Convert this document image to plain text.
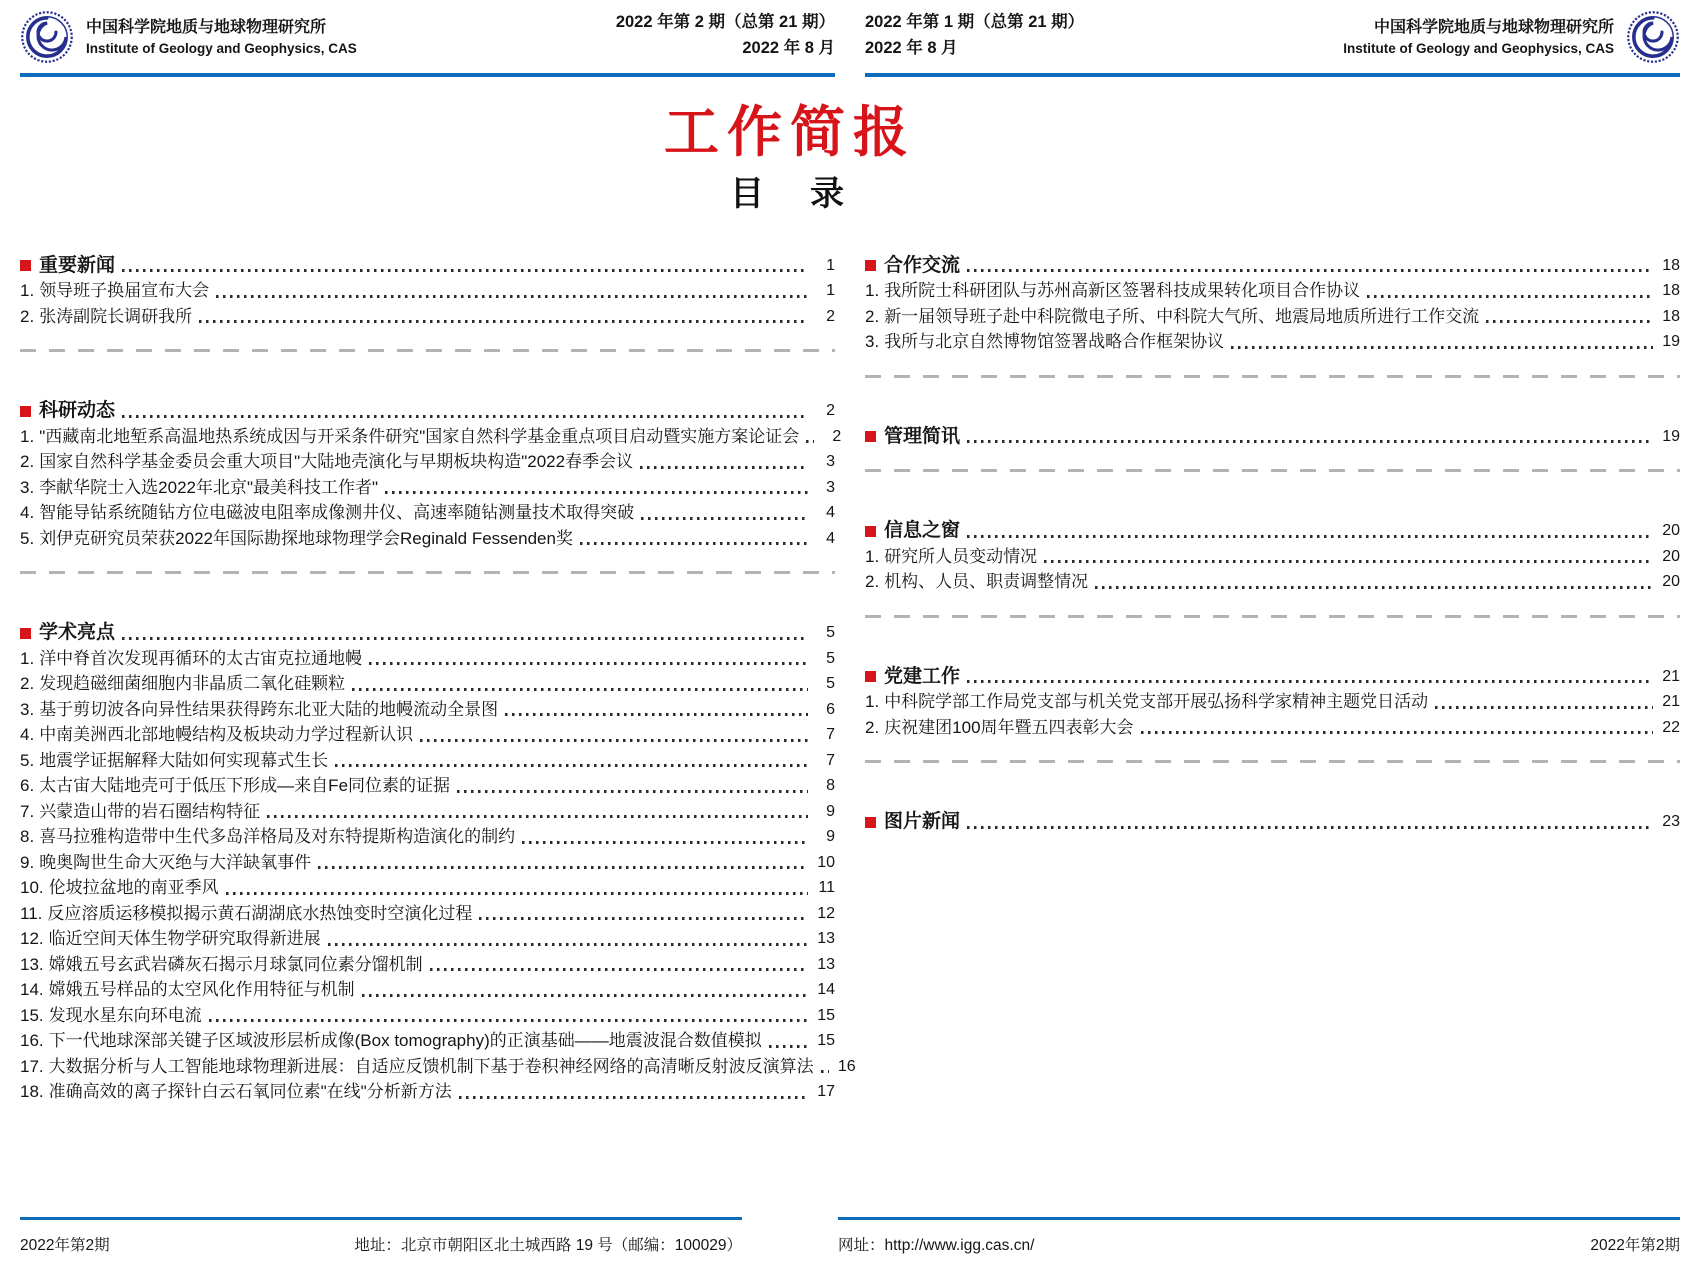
中国科学院地质与地球物理研究所
Institute of Geology and Geophysics, CAS
2022 年第 2 期（总第 21 期）
2022 年 8 月
2022 年第 1 期（总第 21 期）
2022 年 8 月
中国科学院地质与地球物理研究所
Institute of Geology and Geophysics, CAS
工作简报
目　录
重要新闻	1
1. 领导班子换届宣布大会	1
2. 张涛副院长调研我所	2
科研动态	2
1. "西藏南北地堑系高温地热系统成因与开采条件研究"国家自然科学基金重点项目启动暨实施方案论证会	2
2. 国家自然科学基金委员会重大项目"大陆地壳演化与早期板块构造"2022春季会议	3
3. 李献华院士入选2022年北京"最美科技工作者"	3
4. 智能导钻系统随钻方位电磁波电阻率成像测井仪、高速率随钻测量技术取得突破	4
5. 刘伊克研究员荣获2022年国际勘探地球物理学会Reginald Fessenden奖	4
学术亮点	5
1. 洋中脊首次发现再循环的太古宙克拉通地幔	5
2. 发现趋磁细菌细胞内非晶质二氧化硅颗粒	5
3. 基于剪切波各向异性结果获得跨东北亚大陆的地幔流动全景图	6
4. 中南美洲西北部地幔结构及板块动力学过程新认识	7
5. 地震学证据解释大陆如何实现幕式生长	7
6. 太古宙大陆地壳可于低压下形成—来自Fe同位素的证据	8
7. 兴蒙造山带的岩石圈结构特征	9
8. 喜马拉雅构造带中生代多岛洋格局及对东特提斯构造演化的制约	9
9. 晚奥陶世生命大灭绝与大洋缺氧事件	10
10. 伦坡拉盆地的南亚季风	11
11. 反应溶质运移模拟揭示黄石湖湖底水热蚀变时空演化过程	12
12. 临近空间天体生物学研究取得新进展	13
13. 嫦娥五号玄武岩磷灰石揭示月球氯同位素分馏机制	13
14. 嫦娥五号样品的太空风化作用特征与机制	14
15. 发现水星东向环电流	15
16. 下一代地球深部关键子区域波形层析成像(Box tomography)的正演基础——地震波混合数值模拟	15
17. 大数据分析与人工智能地球物理新进展：自适应反馈机制下基于卷积神经网络的高清晰反射波反演算法 16
18. 准确高效的离子探针白云石氧同位素"在线"分析新方法	17
合作交流	18
1. 我所院士科研团队与苏州高新区签署科技成果转化项目合作协议	18
2. 新一届领导班子赴中科院微电子所、中科院大气所、地震局地质所进行工作交流	18
3. 我所与北京自然博物馆签署战略合作框架协议	19
管理简讯	19
信息之窗	20
1. 研究所人员变动情况	20
2. 机构、人员、职责调整情况	20
党建工作	21
1. 中科院学部工作局党支部与机关党支部开展弘扬科学家精神主题党日活动	21
2. 庆祝建团100周年暨五四表彰大会	22
图片新闻	23
2022年第2期	地址：北京市朝阳区北土城西路 19 号（邮编：100029）	网址：http://www.igg.cas.cn/	2022年第2期
